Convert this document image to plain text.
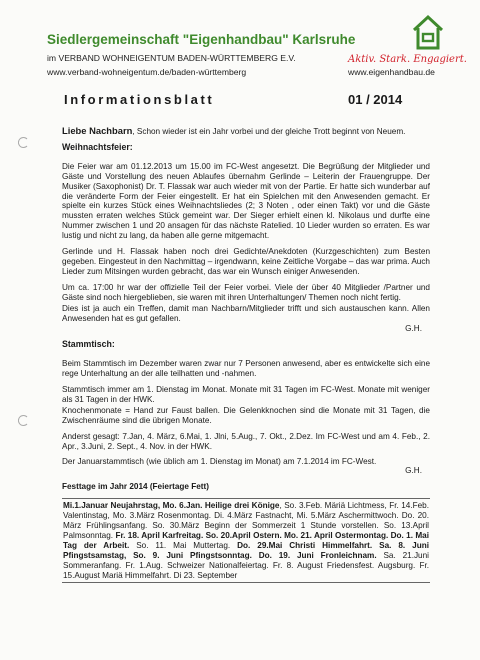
Siedlergemeinschaft "Eigenhandbau" Karlsruhe
im VERBAND WOHNEIGENTUM BADEN-WÜRTTEMBERG E.V.
www.verband-wohneigentum.de/baden-württemberg
Aktiv. Stark. Engagiert.
www.eigenhandbau.de
Informationsblatt	01 / 2014

Liebe Nachbarn, Schon wieder ist ein Jahr vorbei und der gleiche Trott beginnt von Neuem.

Weihnachtsfeier:

Die Feier war am 01.12.2013 um 15.00 im FC-West angesetzt. Die Begrüßung der Mitglieder und Gäste und Vorstellung des neuen Ablaufes übernahm Gerlinde – Leiterin der Frauengruppe. Der Musiker (Saxophonist) Dr. T. Flassak war auch wieder mit von der Partie. Er hatte sich wunderbar auf die veränderte Form der Feier eingestellt. Er hat ein Spielchen mit den Anwesenden gemacht. Er spielte ein kurzes Stück eines Weihnachtsliedes (2; 3 Noten , oder einen Takt) vor und die Gäste mussten erraten welches Stück gemeint war. Der Sieger erhielt einen kl. Nikolaus und durfte eine Nummer zwischen 1 und 20 ansagen für das nächste Ratelied. 10 Lieder wurden so erraten. Es war lustig und nicht zu lang, da haben alle gerne mitgemacht.

Gerlinde und H. Flassak haben noch drei Gedichte/Anekdoten (Kurzgeschichten) zum Besten gegeben. Eingesteut in den Nachmittag – irgendwann, keine Zeitliche Vorgabe – das war prima. Auch Lieder zum Mitsingen wurden gebracht, das war ein Wunsch einiger Anwesenden.

Um ca. 17:00 hr war der offizielle Teil der Feier vorbei. Viele der über 40 Mitglieder /Partner und Gäste sind noch hiergeblieben, sie waren mit ihren Unterhaltungen/ Themen noch nicht fertig.

Dies ist ja auch ein Treffen, damit man Nachbarn/Mitglieder trifft und sich austauschen kann. Allen Anwesenden hat es gut gefallen.

G.H.
Stammtisch:

Beim Stammtisch im Dezember waren zwar nur 7 Personen anwesend, aber es entwickelte sich eine rege Unterhaltung an der alle teilhatten und -nahmen.

Stammtisch immer am 1. Dienstag im Monat. Monate mit 31 Tagen im FC-West. Monate mit weniger als 31 Tagen in der HWK.

Knochenmonate = Hand zur Faust ballen. Die Gelenkknochen sind die Monate mit 31 Tagen, die Zwischenräume sind die übrigen Monate.

Anderst gesagt: 7.Jan, 4. März, 6.Mai, 1. Jlni, 5.Aug., 7. Okt., 2.Dez. Im FC-West und am 4. Feb., 2. Apr., 3.Juni, 2. Sept., 4. Nov. in der HWK.

Der Januarstammtisch (wie üblich am 1. Dienstag im Monat) am 7.1.2014 im FC-West.

G.H.
Festtage im Jahr 2014 (Feiertage Fett)
Mi.1.Januar Neujahrstag, Mo. 6.Jan. Heilige drei Könige, So. 3.Feb. Märiä Lichtmess, Fr. 14.Feb. Valentinstag, Mo. 3.März Rosenmontag. Di. 4.März Fastnacht, Mi. 5.März Aschermittwoch. Do. 20. März Frühlingsanfang. So. 30.März Beginn der Sommerzeit 1 Stunde vorstellen. So. 13.April Palmsonntag. Fr. 18. April Karfreitag. So. 20.April Ostern. Mo. 21. April Ostermontag. Do. 1. Mai Tag der Arbeit. So. 11. Mai Muttertag. Do. 29.Mai Christi Himmelfahrt. Sa. 8. Juni Pfingstsamstag, So. 9. Juni Pfingstsonntag. Do. 19. Juni Fronleichnam. Sa. 21.Juni Sommeranfang. Fr. 1.Aug. Schweizer Nationalfeiertag. Fr. 8. August Friedensfest. Augsburg. Fr. 15.August Mariä Himmelfahrt. Di 23. September
